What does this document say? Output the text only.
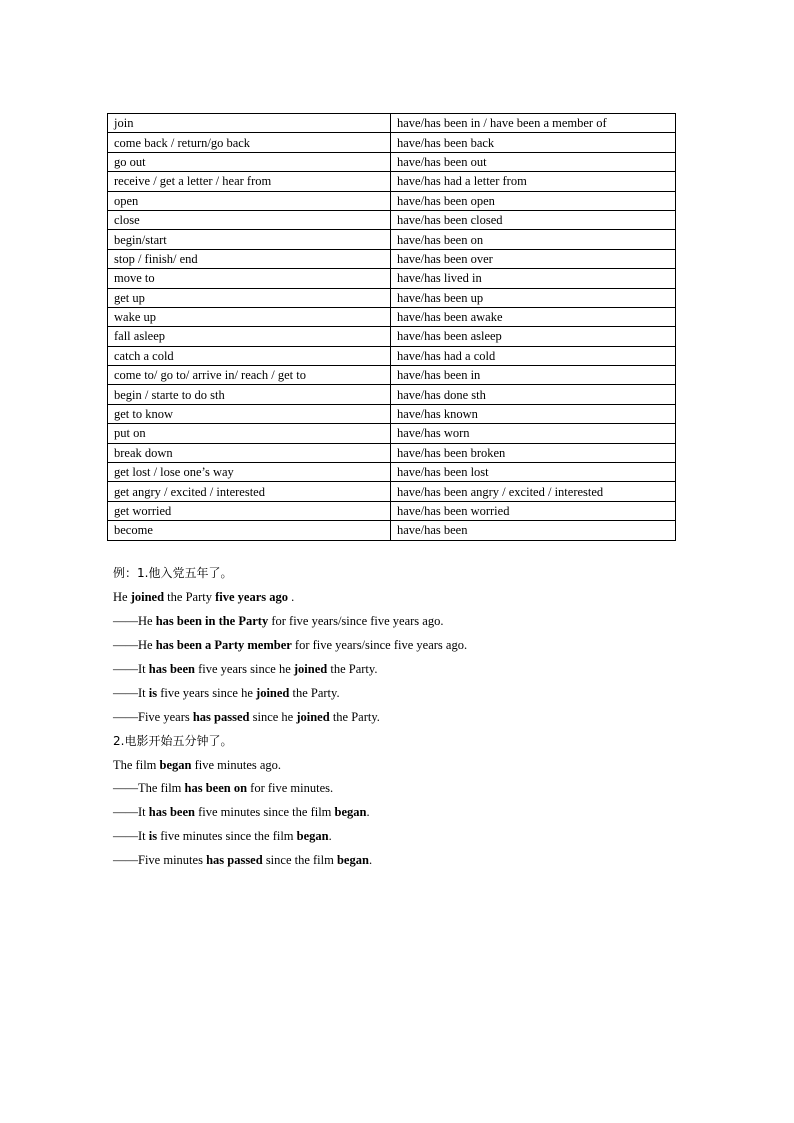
join	have/has been in / have been a member of
come back / return/go back	have/has been back
go out	have/has been out
receive / get a letter / hear from	have/has had a letter from
open	have/has been open
close	have/has been closed
begin/start	have/has been on
stop / finish/ end	have/has been over
move to	have/has lived in
get up	have/has been up
wake up	have/has been awake
fall asleep	have/has been asleep
catch a cold	have/has had a cold
come to/ go to/ arrive in/ reach / get to	have/has been in
begin / starte to do sth	have/has done sth
get to know	have/has known
put on	have/has worn
break down	have/has been broken
get lost / lose one’s way	have/has been lost
get angry / excited / interested	have/has been angry / excited / interested
get worried	have/has been worried
become	have/has been
例：1.他入党五年了。
He joined the Party five years ago .
——He has been in the Party for five years/since five years ago.
——He has been a Party member for five years/since five years ago.
——It has been five years since he joined the Party.
——It is five years since he joined the Party.
——Five years has passed since he joined the Party.
2.电影开始五分钟了。
The film began five minutes ago.
——The film has been on for five minutes.
——It has been five minutes since the film began.
——It is five minutes since the film began.
——Five minutes has passed since the film began.
